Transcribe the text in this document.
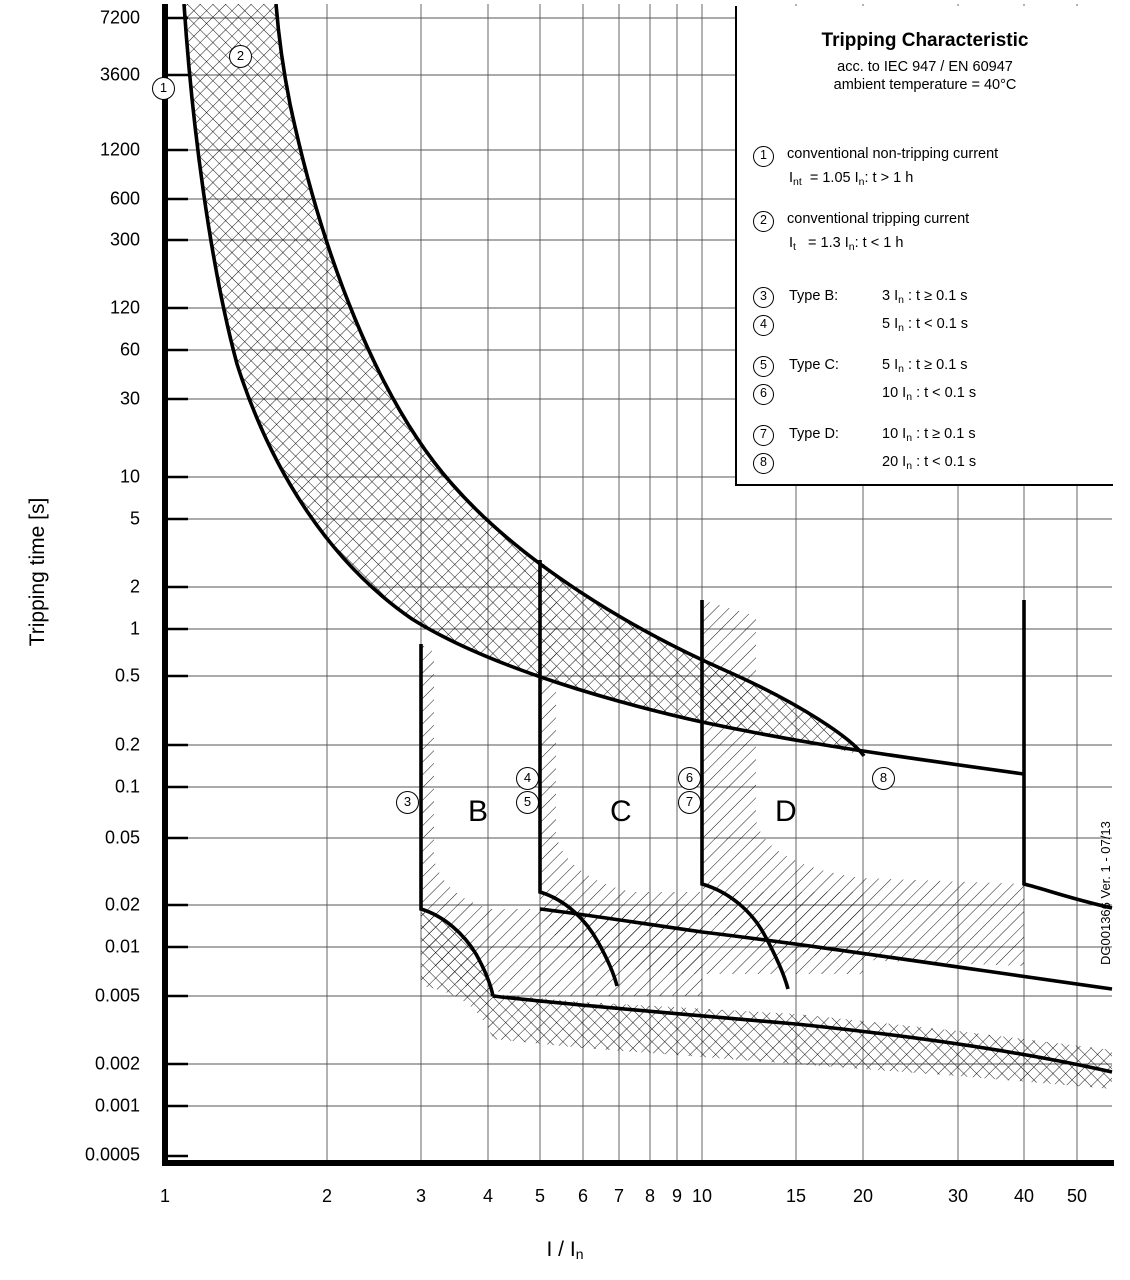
Tripping time [s]
7200
3600
1200
600
300
120
60
30
10
5
2
1
0.5
0.2
0.1
0.05
0.02
0.01
0.005
0.002
0.001
0.0005
1	2	3	4 5 6 7 8 9 10	15	20	30	40 50
I / $I_n$
B	C	D
1
2
3
4
5
6
7
8
Tripping Characteristic
acc. to IEC 947 / EN 60947
ambient temperature = 40°C
1	conventional non-tripping current
$I_{nt} = 1.05$ $I_n$: t > 1 h
2	conventional tripping current
$I_t = 1.3$ $I_n$: t < 1 h
3	Type B:	3 $I_n$ : t ≥ 0.1 s
4	5 $I_n$ : t < 0.1 s
5	Type C:	5 $I_n$ : t ≥ 0.1 s
6	10 $I_n$ : t < 0.1 s
7	Type D:	10 $I_n$ : t ≥ 0.1 s
8	20 $I_n$ : t < 0.1 s
DG001366 Ver. 1 - 07/13
